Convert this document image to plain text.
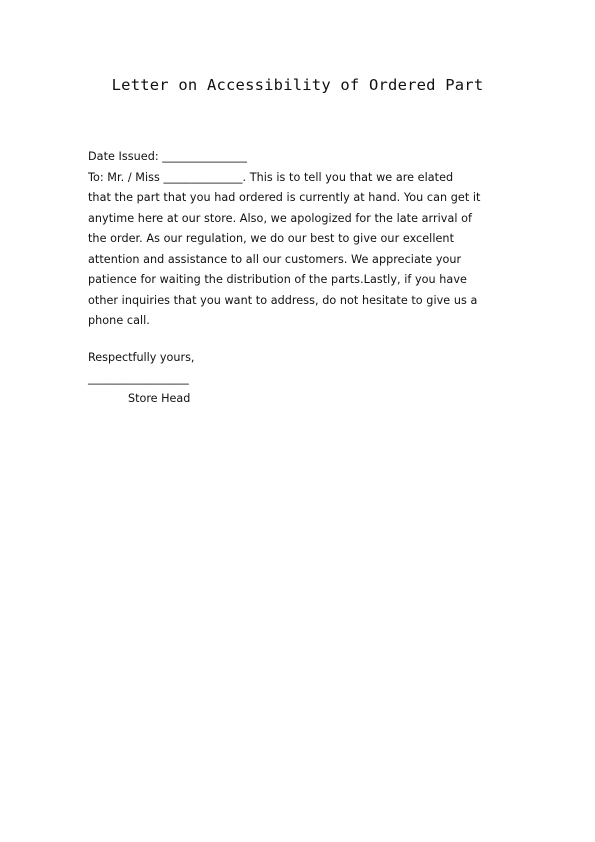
Letter on Accessibility of Ordered Part
Date Issued: _______________
To: Mr. / Miss ______________. This is to tell you that we are elated
that the part that you had ordered is currently at hand. You can get it
anytime here at our store. Also, we apologized for the late arrival of
the order. As our regulation, we do our best to give our excellent
attention and assistance to all our customers. We appreciate your
patience for waiting the distribution of the parts.Lastly, if you have
other inquiries that you want to address, do not hesitate to give us a
phone call.
Respectfully yours,
__________________
Store Head
